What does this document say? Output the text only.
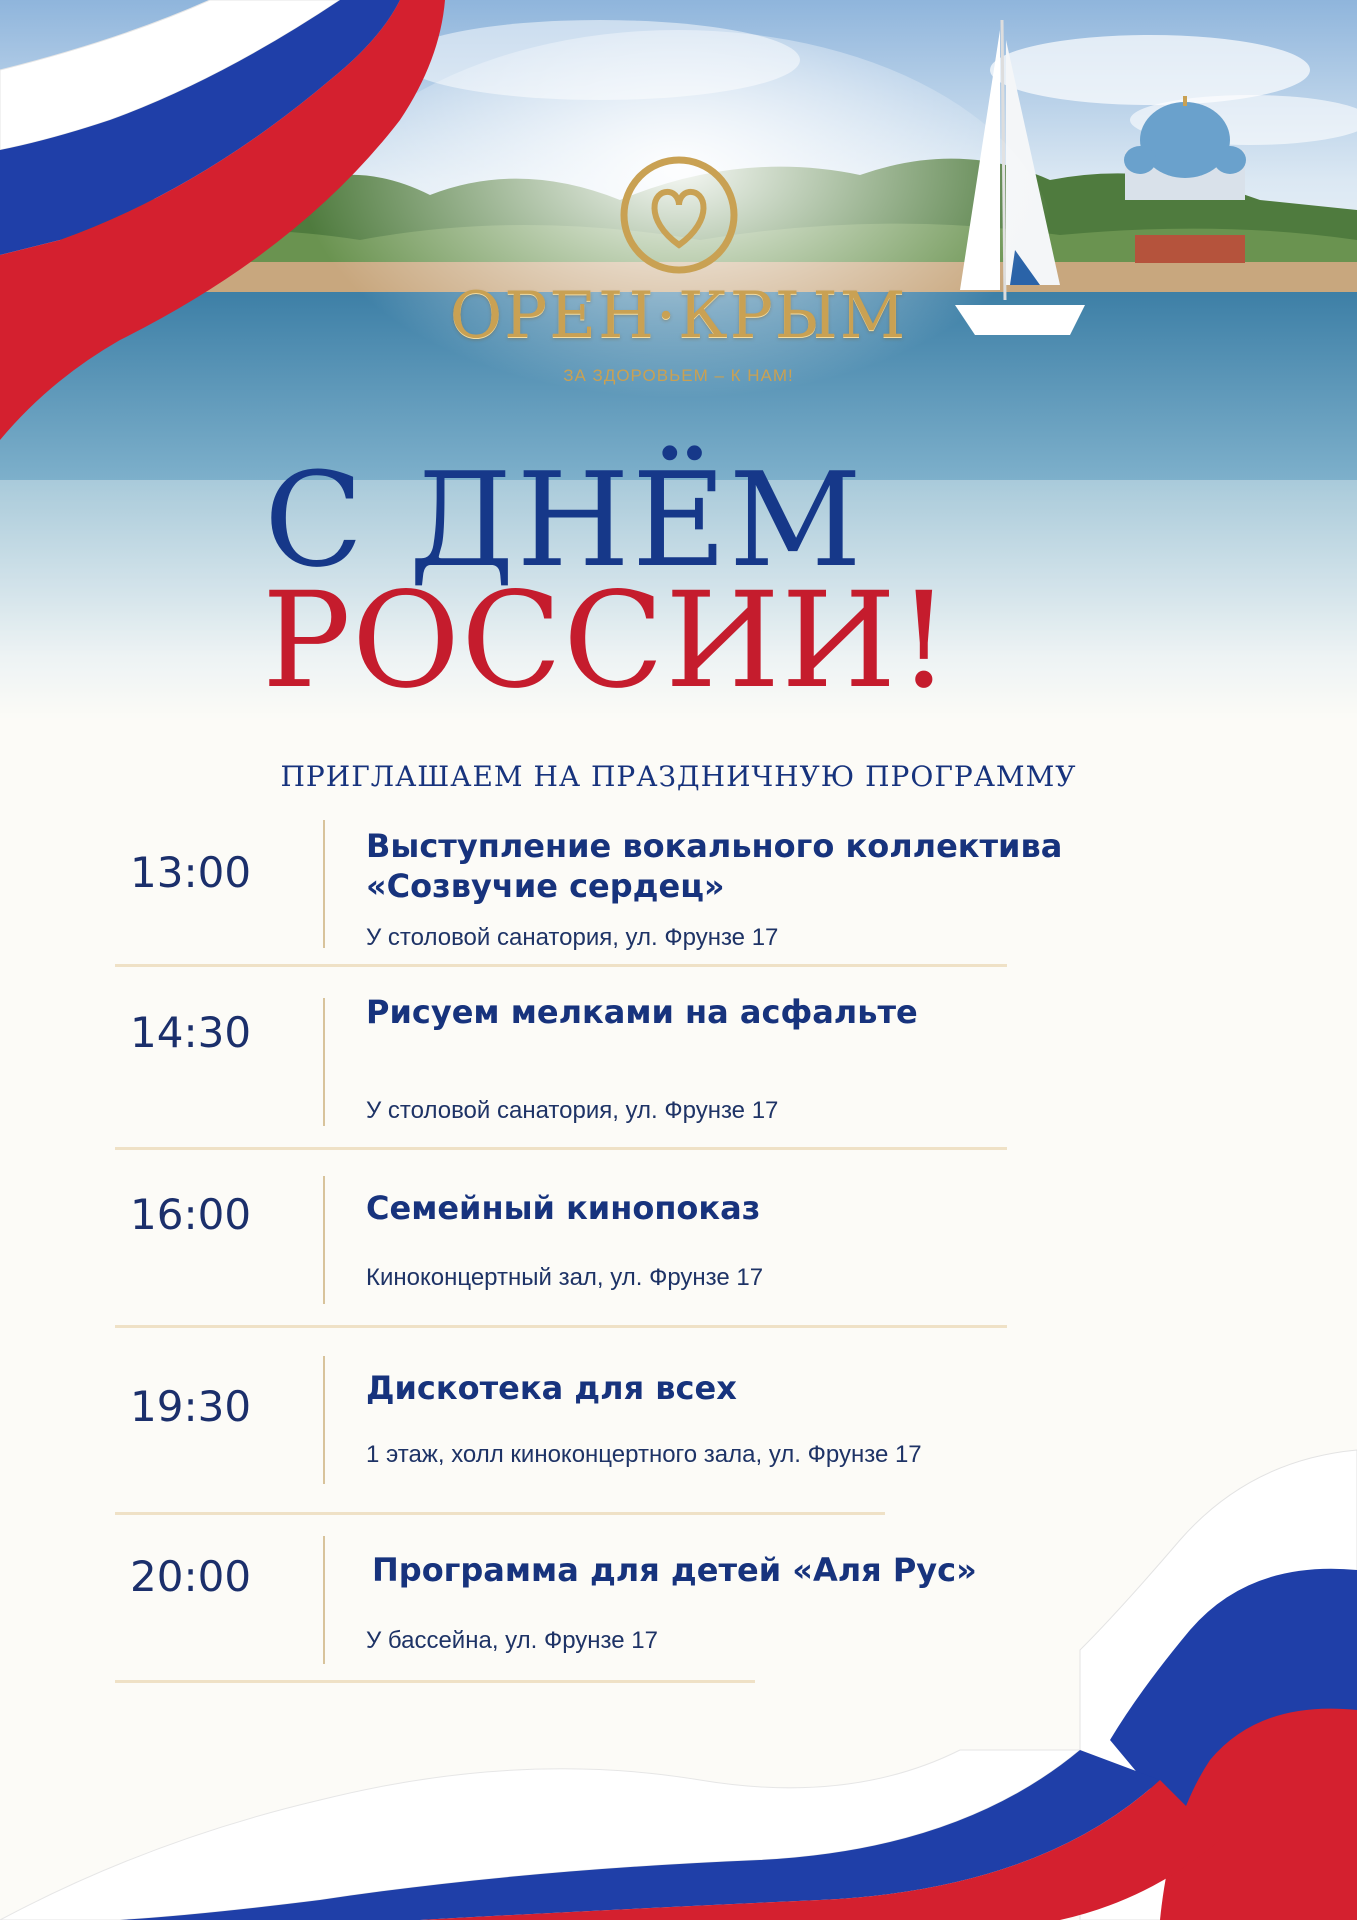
ОРЕН·КРЫМ
ЗА ЗДОРОВЬЕМ – К НАМ!
С ДНЁМ
РОССИИ!
ПРИГЛАШАЕМ НА ПРАЗДНИЧНУЮ ПРОГРАММУ
13:00
Выступление вокального коллектива
«Созвучие сердец»
У столовой санатория, ул. Фрунзе 17
14:30	Рисуем мелками на асфальте
У столовой санатория, ул. Фрунзе 17
16:00	Семейный кинопоказ
Киноконцертный зал, ул. Фрунзе 17
19:30	Дискотека для всех
1 этаж, холл киноконцертного зала, ул. Фрунзе 17
20:00	Программа для детей «Аля Рус»
У бассейна, ул. Фрунзе 17
